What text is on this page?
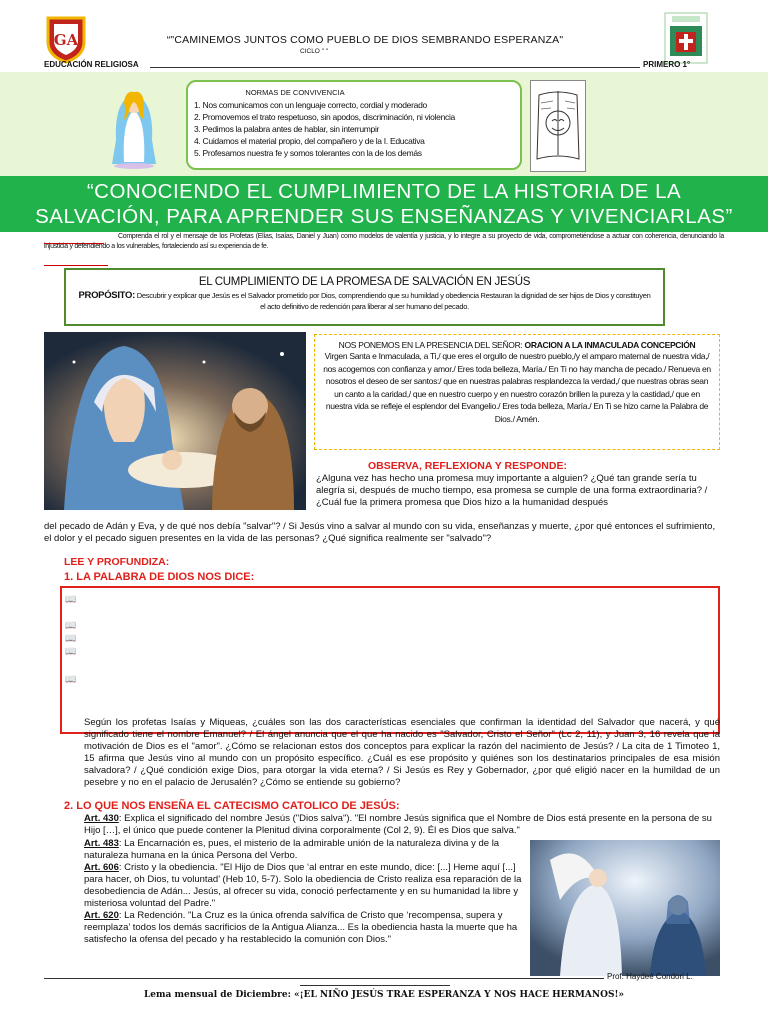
GA	“"CAMINEMOS JUNTOS COMO PUEBLO DE DIOS SEMBRANDO ESPERANZA"
CICLO " "
EDUCACIÓN RELIGIOSA	PRIMERO 1°
NORMAS DE CONVIVENCIA
1. Nos comunicamos con un lenguaje correcto, cordial y moderado
2. Promovemos el trato respetuoso, sin apodos, discriminación, ni violencia
3. Pedimos la palabra antes de hablar, sin interrumpir
4. Cuidamos el material propio, del compañero y de la I. Educativa
5. Profesamos nuestra fe y somos tolerantes con la de los demás
“CONOCIENDO EL CUMPLIMIENTO DE LA HISTORIA DE LA
SALVACIÓN, PARA APRENDER SUS ENSEÑANZAS Y VIVENCIARLAS”
Comprenda el rol y el mensaje de los Profetas (Elías, Isaías, Daniel y Juan) como modelos de valentía y justicia, y lo integre a su proyecto de vida, comprometiéndose a actuar con coherencia, denunciando la injusticia y defendiendo a los vulnerables, fortaleciendo así su experiencia de fe.
EL CUMPLIMIENTO DE LA PROMESA DE SALVACIÓN EN JESÚS
PROPÓSITO: Descubrir y explicar que Jesús es el Salvador prometido por Dios, comprendiendo que su humildad y obediencia Restauran la dignidad de ser hijos de Dios y constituyen el acto definitivo de redención para liberar al ser humano del pecado.
NOS PONEMOS EN LA PRESENCIA DEL SEÑOR: ORACION A LA INMACULADA CONCEPCIÓN
Virgen Santa e Inmaculada, a Ti,/ que eres el orgullo de nuestro pueblo,/y el amparo maternal de nuestra vida,/ nos acogemos con confianza y amor./ Eres toda belleza, María./ En Ti no hay mancha de pecado./ Renueva en nosotros el deseo de ser santos:/ que en nuestras palabras resplandezca la verdad,/ que nuestras obras sean un canto a la caridad,/ que en nuestro cuerpo y en nuestro corazón brillen la pureza y la castidad,/ que en nuestra vida se refleje el esplendor del Evangelio./ Eres toda belleza, María./ En Ti se hizo carne la Palabra de Dios./ Amén.
OBSERVA, REFLEXIONA Y RESPONDE:
¿Alguna vez has hecho una promesa muy importante a alguien? ¿Qué tan grande sería tu alegría si, después de mucho tiempo, esa promesa se cumple de una forma extraordinaria? / ¿Cuál fue la primera promesa que Dios hizo a la humanidad después
del pecado de Adán y Eva, y de qué nos debía "salvar"? / Si Jesús vino a salvar al mundo con su vida, enseñanzas y muerte, ¿por qué entonces el sufrimiento, el dolor y el pecado siguen presentes en la vida de las personas? ¿Qué significa realmente ser "salvado"?
LEE Y PROFUNDIZA:
1. LA PALABRA DE DIOS NOS DICE:
📖
📖
📖
📖
📖
Según los profetas Isaías y Miqueas, ¿cuáles son las dos características esenciales que confirman la identidad del Salvador que nacerá, y qué significado tiene el nombre Emanuel? / El ángel anuncia que el que ha nacido es "Salvador, Cristo el Señor" (Lc 2, 11), y Juan 3, 16 revela que la motivación de Dios es el "amor". ¿Cómo se relacionan estos dos conceptos para explicar la razón del nacimiento de Jesús? / La cita de 1 Timoteo 1, 15 afirma que Jesús vino al mundo con un propósito específico. ¿Cuál es ese propósito y quiénes son los destinatarios principales de esa misión salvadora? / ¿Qué condición exige Dios, para otorgar la vida eterna? / Si Jesús es Rey y Gobernador, ¿por qué eligió nacer en la humildad de un pesebre y no en el palacio de Jerusalén? ¿Cómo se entiende su gobierno?
2. LO QUE NOS ENSEÑA EL CATECISMO CATOLICO DE JESÚS:
Art. 430: Explica el significado del nombre Jesús ("Dios salva"). "El nombre Jesús significa que el Nombre de Dios está presente en la persona de su Hijo […], el único que puede contener la Plenitud divina corporalmente (Col 2, 9). Él es Dios que salva."
Art. 483: La Encarnación es, pues, el misterio de la admirable unión de la naturaleza divina y de la naturaleza humana en la única Persona del Verbo.
Art. 606: Cristo y la obediencia. "El Hijo de Dios que ‘al entrar en este mundo, dice: [...] Heme aquí [...] para hacer, oh Dios, tu voluntad’ (Heb 10, 5-7). Solo la obediencia de Cristo realiza esa reparación de la desobediencia de Adán... Jesús, al ofrecer su vida, conoció perfectamente y en su humanidad la libre y misteriosa voluntad del Padre."
Art. 620: La Redención. "La Cruz es la única ofrenda salvífica de Cristo que ‘recompensa, supera y reemplaza’ todos los demás sacrificios de la Antigua Alianza... Es la obediencia hasta la muerte que ha satisfecho la ofensa del pecado y ha restablecido la comunión con Dios."
Prof. Haydeé Condori L.
Lema mensual de Diciembre: «¡EL NIÑO JESÚS TRAE ESPERANZA Y NOS HACE HERMANOS!»
